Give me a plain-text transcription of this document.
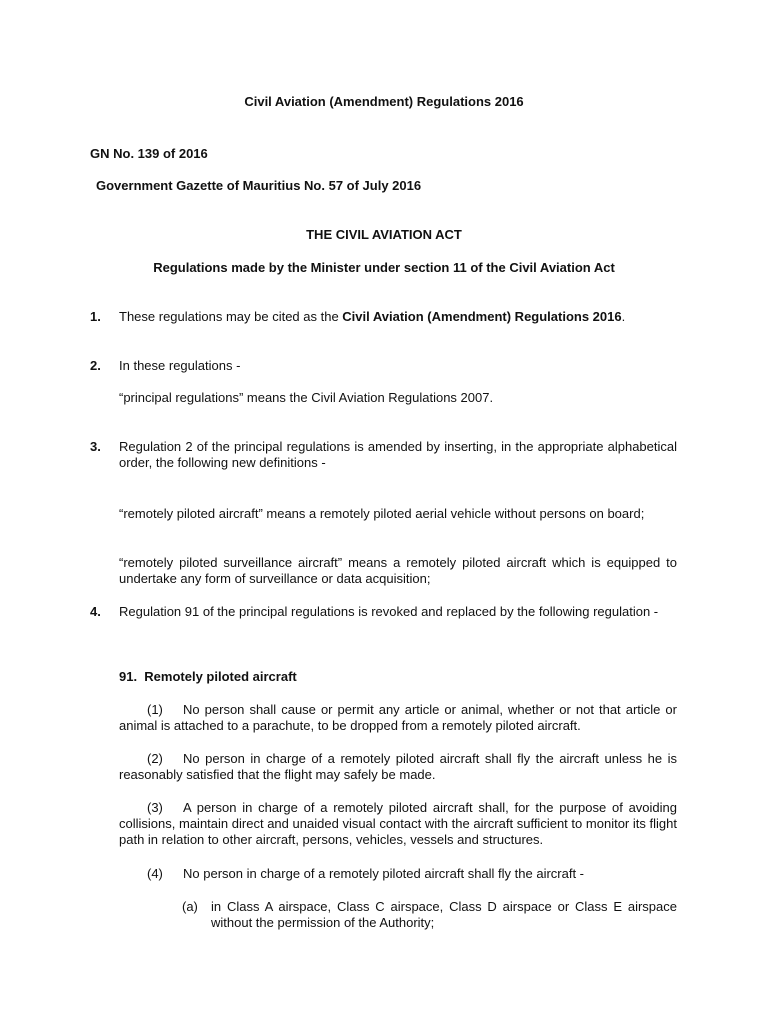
Civil Aviation (Amendment) Regulations 2016
GN No. 139 of 2016
Government Gazette of Mauritius No. 57 of July 2016
THE CIVIL AVIATION ACT
Regulations made by the Minister under section 11 of the Civil Aviation Act
1. These regulations may be cited as the Civil Aviation (Amendment) Regulations 2016.
2. In these regulations -
“principal regulations” means the Civil Aviation Regulations 2007.
3. Regulation 2 of the principal regulations is amended by inserting, in the appropriate alphabetical order, the following new definitions -
“remotely piloted aircraft” means a remotely piloted aerial vehicle without persons on board;
“remotely piloted surveillance aircraft” means a remotely piloted aircraft which is equipped to undertake any form of surveillance or data acquisition;
4. Regulation 91 of the principal regulations is revoked and replaced by the following regulation -
91.  Remotely piloted aircraft
(1) No person shall cause or permit any article or animal, whether or not that article or animal is attached to a parachute, to be dropped from a remotely piloted aircraft.
(2) No person in charge of a remotely piloted aircraft shall fly the aircraft unless he is reasonably satisfied that the flight may safely be made.
(3) A person in charge of a remotely piloted aircraft shall, for the purpose of avoiding collisions, maintain direct and unaided visual contact with the aircraft sufficient to monitor its flight path in relation to other aircraft, persons, vehicles, vessels and structures.
(4) No person in charge of a remotely piloted aircraft shall fly the aircraft -
(a) in Class A airspace, Class C airspace, Class D airspace or Class E airspace without the permission of the Authority;
